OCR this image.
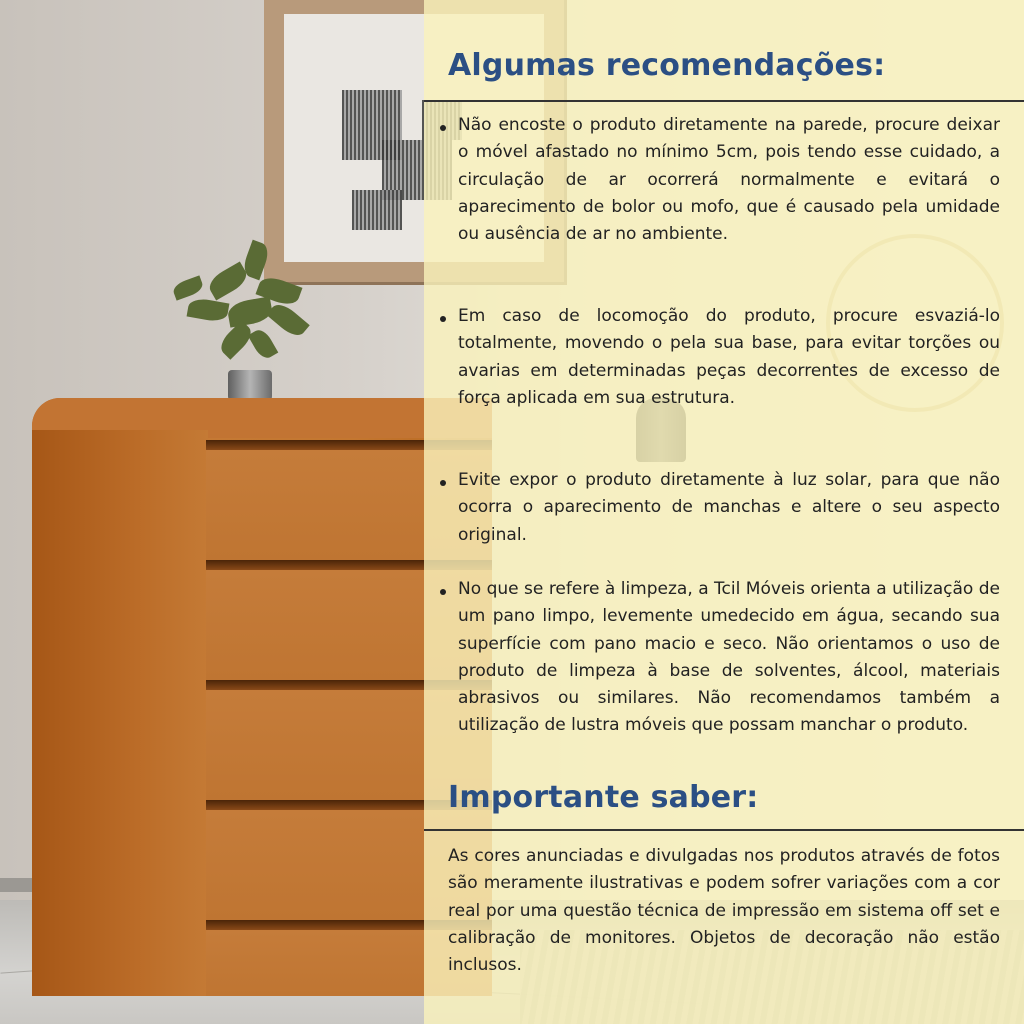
Algumas recomendações:

Não encoste o produto diretamente na parede, procure deixar o móvel afastado no mínimo 5cm, pois tendo esse cuidado, a circulação de ar ocorrerá normalmente e evitará o aparecimento de bolor ou mofo, que é causado pela umidade ou ausência de ar no ambiente.

Em caso de locomoção do produto, procure esvaziá-lo totalmente, movendo o pela sua base, para evitar torções ou avarias em determinadas peças decorrentes de excesso de força aplicada em sua estrutura.

Evite expor o produto diretamente à luz solar, para que não ocorra o aparecimento de manchas e altere o seu aspecto original.

No que se refere à limpeza, a Tcil Móveis orienta a utilização de um pano limpo, levemente umedecido em água, secando sua superfície com pano macio e seco. Não orientamos o uso de produto de limpeza à base de solventes, álcool, materiais abrasivos ou similares. Não recomendamos também a utilização de lustra móveis que possam manchar o produto.

Importante saber:

As cores anunciadas e divulgadas nos produtos através de fotos são meramente ilustrativas e podem sofrer variações com a cor real por uma questão técnica de impressão em sistema off set e calibração de monitores. Objetos de decoração não estão inclusos.
